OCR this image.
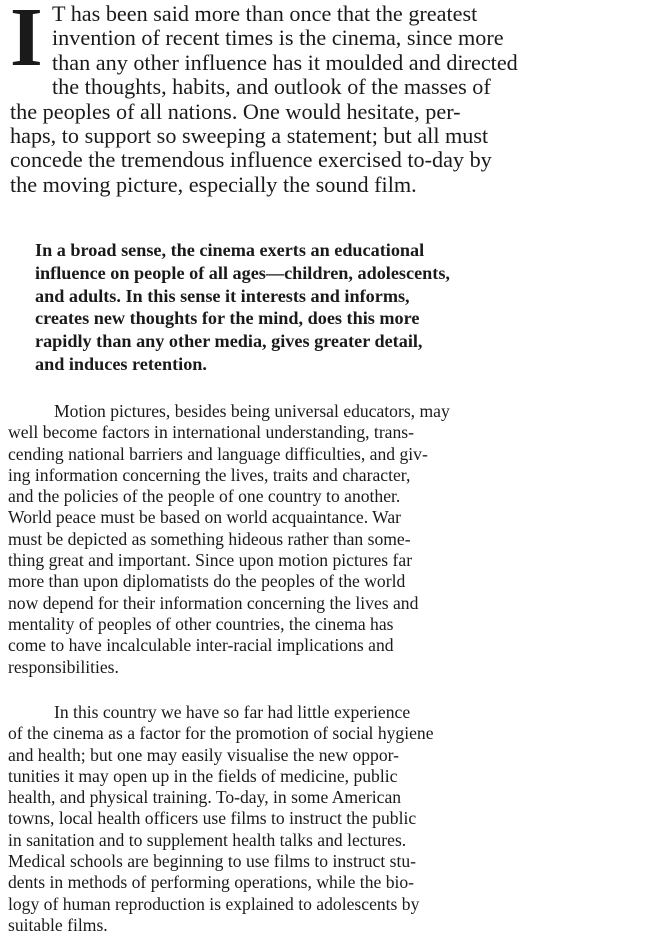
I T has been said more than once that the greatest
invention of recent times is the cinema, since more
than any other influence has it moulded and directed
the thoughts, habits, and outlook of the masses of
the peoples of all nations. One would hesitate, per-
haps, to support so sweeping a statement; but all must
concede the tremendous influence exercised to-day by
the moving picture, especially the sound film.
In a broad sense, the cinema exerts an educational
influence on people of all ages—children, adolescents,
and adults. In this sense it interests and informs,
creates new thoughts for the mind, does this more
rapidly than any other media, gives greater detail,
and induces retention.
Motion pictures, besides being universal educators, may
well become factors in international understanding, trans-
cending national barriers and language difficulties, and giv-
ing information concerning the lives, traits and character,
and the policies of the people of one country to another.
World peace must be based on world acquaintance. War
must be depicted as something hideous rather than some-
thing great and important. Since upon motion pictures far
more than upon diplomatists do the peoples of the world
now depend for their information concerning the lives and
mentality of peoples of other countries, the cinema has
come to have incalculable inter-racial implications and
responsibilities.
In this country we have so far had little experience
of the cinema as a factor for the promotion of social hygiene
and health; but one may easily visualise the new oppor-
tunities it may open up in the fields of medicine, public
health, and physical training. To-day, in some American
towns, local health officers use films to instruct the public
in sanitation and to supplement health talks and lectures.
Medical schools are beginning to use films to instruct stu-
dents in methods of performing operations, while the bio-
logy of human reproduction is explained to adolescents by
suitable films.
